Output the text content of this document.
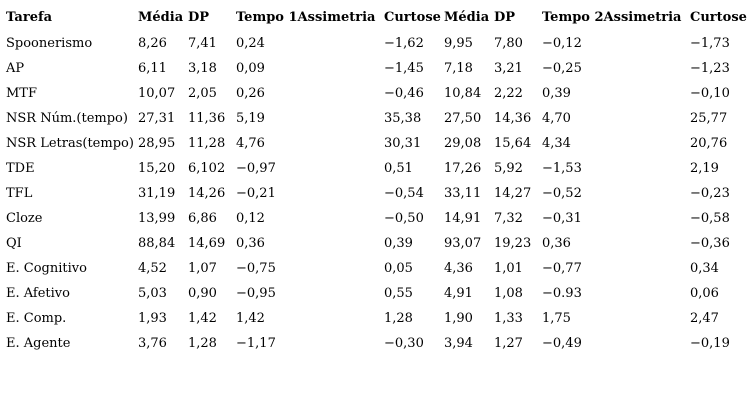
Tarefa	Média	DP	Tempo 1Assimetria	Curtose	Média	DP	Tempo 2Assimetria	Curtose
Spoonerismo	8,26	7,41	0,24	−1,62	9,95	7,80	−0,12	−1,73
AP	6,11	3,18	0,09	−1,45	7,18	3,21	−0,25	−1,23
MTF	10,07	2,05	0,26	−0,46	10,84	2,22	0,39	−0,10
NSR Núm.(tempo)	27,31	11,36	5,19	35,38	27,50	14,36	4,70	25,77
NSR Letras(tempo)	28,95	11,28	4,76	30,31	29,08	15,64	4,34	20,76
TDE	15,20	6,102	−0,97	0,51	17,26	5,92	−1,53	2,19
TFL	31,19	14,26	−0,21	−0,54	33,11	14,27	−0,52	−0,23
Cloze	13,99	6,86	0,12	−0,50	14,91	7,32	−0,31	−0,58
QI	88,84	14,69	0,36	0,39	93,07	19,23	0,36	−0,36
E. Cognitivo	4,52	1,07	−0,75	0,05	4,36	1,01	−0,77	0,34
E. Afetivo	5,03	0,90	−0,95	0,55	4,91	1,08	−0.93	0,06
E. Comp.	1,93	1,42	1,42	1,28	1,90	1,33	1,75	2,47
E. Agente	3,76	1,28	−1,17	−0,30	3,94	1,27	−0,49	−0,19
